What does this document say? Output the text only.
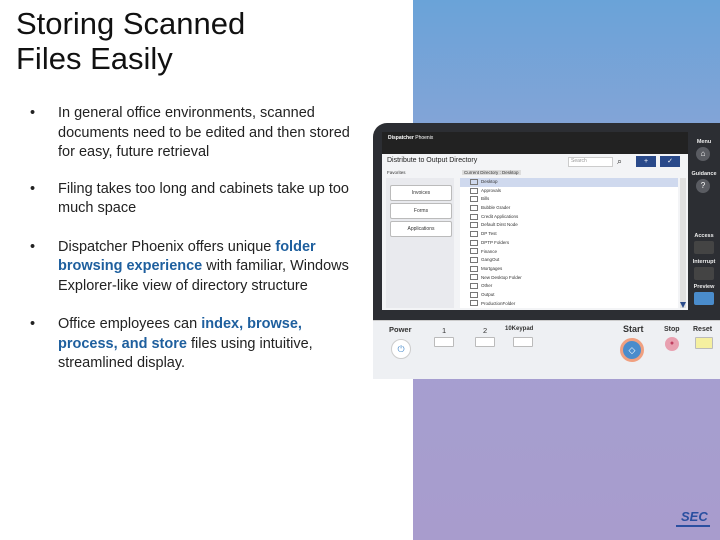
Storing Scanned
Files Easily
• In general office environments, scanned documents need to be edited and then stored for easy, future retrieval
• Filing takes too long and cabinets take up too much space
• Dispatcher Phoenix offers unique folder browsing experience with familiar, Windows Explorer-like view of directory structure
• Office employees can index, browse, process, and store files using intuitive, streamlined display.
Dispatcher Phoenix
Distribute to Output Directory	Search	⌕	+	✓
Favorites	Current Directory : Desktop
Invoices
Forms
Applications
Desktop
Approvals
Bills
Bubble Grader
Credit Applications
Default Dirst Node
DP Test
DPTP Folders
Finance
GangOut
Mortgages
New Desktop Folder
Other
Output
ProductionFolder
Menu
⌂
Guidance
?
Access
Interrupt
Preview
Power
⏻
1	2	10Keypad	Start
◇
Stop
●
Reset
SEC
